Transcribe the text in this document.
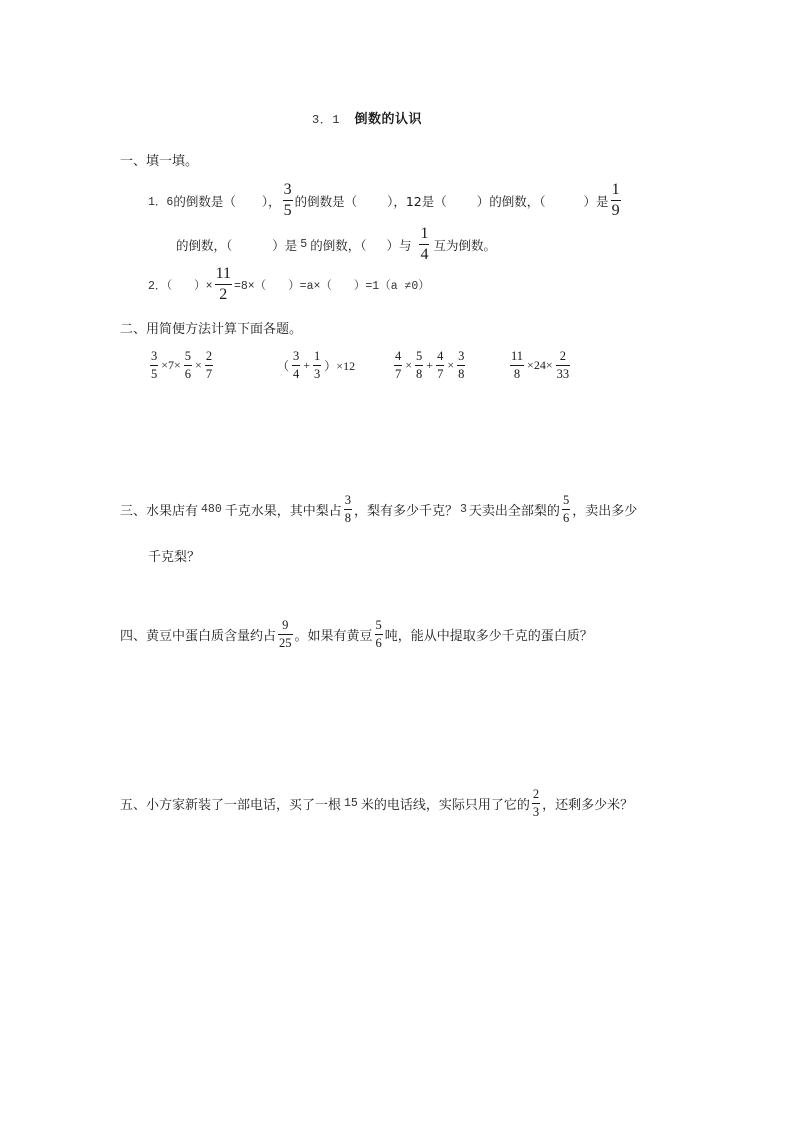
3．1 倒数的认识
一、填一填。
1．6 的倒数是（ ）， $\frac{3}{5}$ 的倒数是（ ），12 是（ ）的倒数，（	）是 $\frac{1}{9}$
的倒数，（	）是 5 的倒数，（ ）与 $\frac{1}{4}$ 互为倒数。
2．（ ）× $\frac{11}{2} =8\times$（ ）=a×（ ）=1（a ≠0）
二、用简便方法计算下面各题。
$\frac{3}{5} \times 7\times \frac{5}{6} \times \frac{2}{7}$	（ $\frac{3}{4} + \frac{1}{3} )\times 12$	$\frac{4}{7} \times \frac{5}{8} + \frac{4}{7} \times \frac{3}{8}$	$\frac{11}{8} \times 24\times \frac{2}{33}$
三、水果店有 480 千克水果，其中梨占 $\frac{3}{8}$ ，梨有多少千克？ 3 天卖出全部梨的 $\frac{5}{6}$ ，卖出多少
千克梨？
四、黄豆中蛋白质含量约占 $\frac{9}{25}$ 。如果有黄豆 $\frac{5}{6}$ 吨，能从中提取多少千克的蛋白质？
五、小方家新装了一部电话，买了一根 15 米的电话线，实际只用了它的 $\frac{2}{3}$ ，还剩多少米？
